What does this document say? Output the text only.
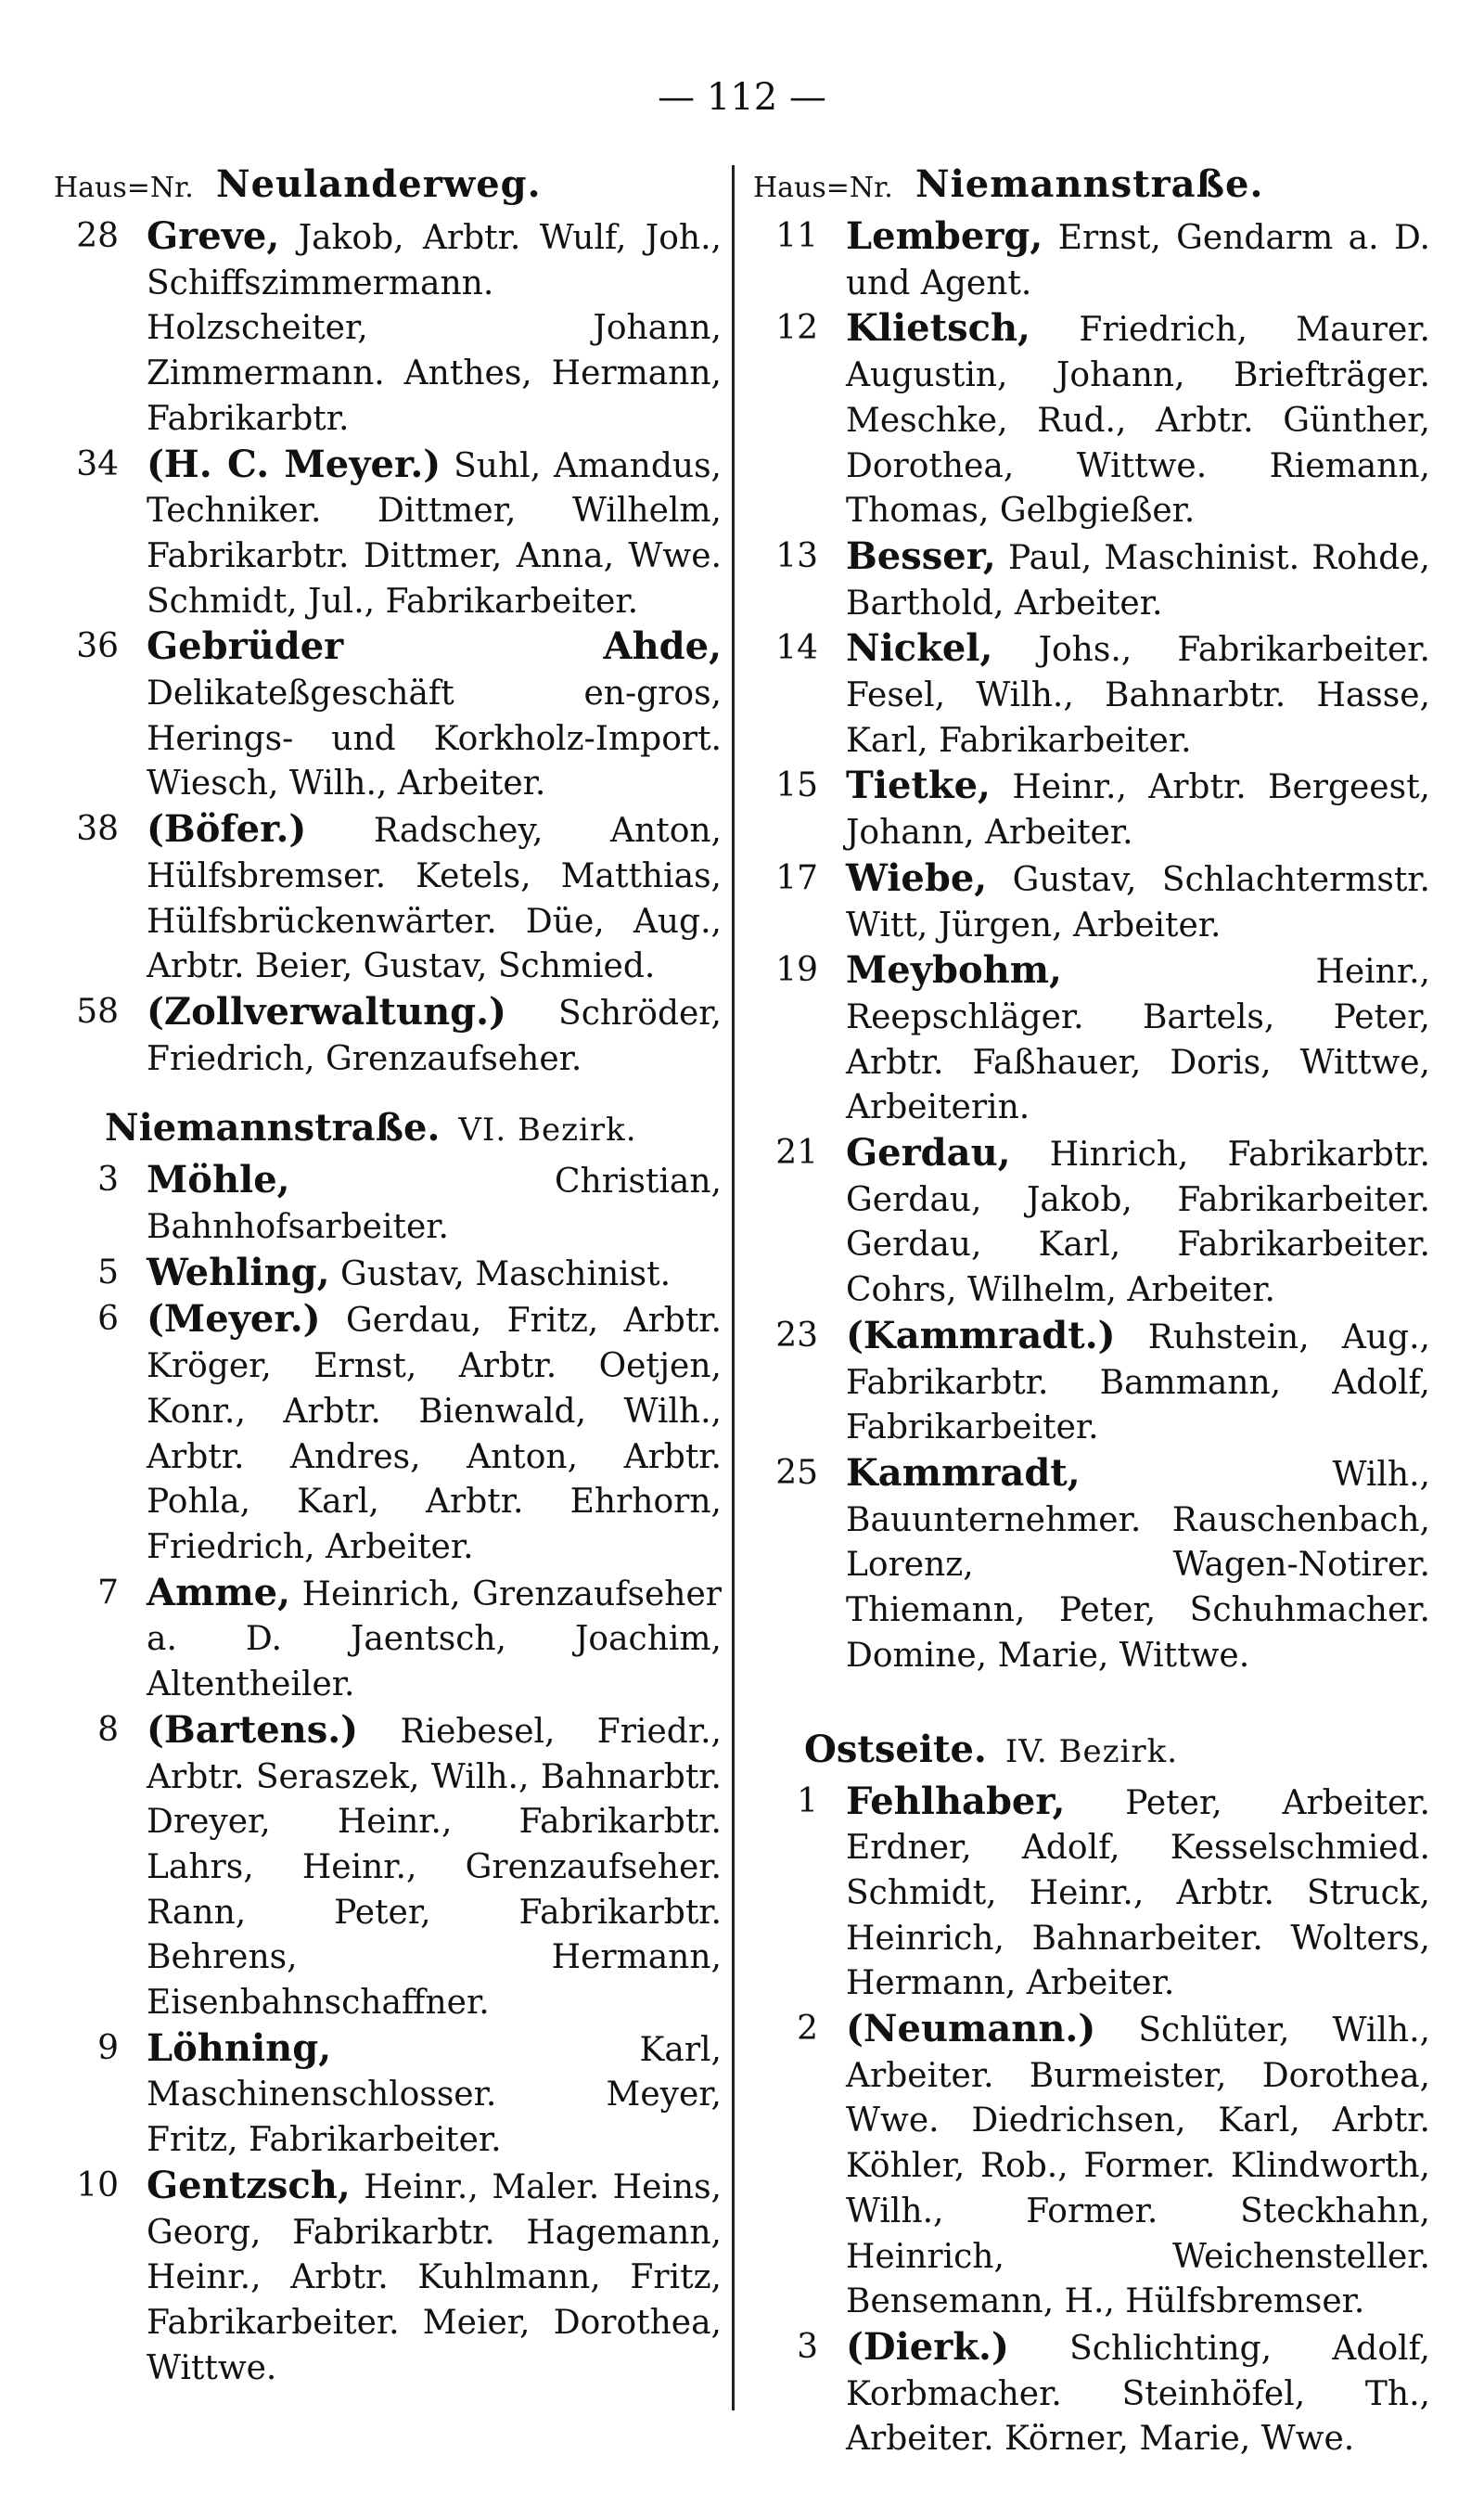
— 112 —
Haus=Nr. Neulanderweg.
28 Greve, Jakob, Arbtr. Wulf, Joh., Schiffszimmermann. Holzscheiter, Johann, Zimmermann. Anthes, Hermann, Fabrikarbtr.
34 (H. C. Meyer.) Suhl, Amandus, Techniker. Dittmer, Wilhelm, Fabrikarbtr. Dittmer, Anna, Wwe. Schmidt, Jul., Fabrikarbeiter.
36 Gebrüder Ahde, Delikateßgeschäft en-gros, Herings- und Korkholz-Import. Wiesch, Wilh., Arbeiter.
38 (Böfer.) Radschey, Anton, Hülfsbremser. Ketels, Matthias, Hülfsbrückenwärter. Düe, Aug., Arbtr. Beier, Gustav, Schmied.
58 (Zollverwaltung.) Schröder, Friedrich, Grenzaufseher.
Niemannstraße. VI. Bezirk.
3 Möhle,	Christian, Bahnhofsarbeiter.
5 Wehling, Gustav, Maschinist.
6 (Meyer.) Gerdau, Fritz, Arbtr. Kröger, Ernst, Arbtr. Oetjen, Konr., Arbtr. Bienwald, Wilh., Arbtr. Andres, Anton, Arbtr. Pohla, Karl, Arbtr. Ehrhorn, Friedrich, Arbeiter.
7 Amme, Heinrich, Grenzaufseher a. D. Jaentsch, Joachim, Altentheiler.
8 (Bartens.) Riebesel, Friedr., Arbtr. Seraszek, Wilh., Bahnarbtr. Dreyer, Heinr., Fabrikarbtr. Lahrs, Heinr., Grenzaufseher. Rann, Peter, Fabrikarbtr. Behrens, Hermann, Eisenbahnschaffner.
9 Löhning,	Karl, Maschinenschlosser. Meyer, Fritz, Fabrikarbeiter.
10 Gentzsch, Heinr., Maler. Heins, Georg, Fabrikarbtr. Hagemann, Heinr., Arbtr. Kuhlmann, Fritz, Fabrikarbeiter. Meier, Dorothea, Wittwe.
Haus=Nr. Niemannstraße.
11 Lemberg, Ernst, Gendarm a. D. und Agent.
12 Klietsch, Friedrich, Maurer. Augustin, Johann, Briefträger. Meschke, Rud., Arbtr. Günther, Dorothea, Wittwe. Riemann, Thomas, Gelbgießer.
13 Besser, Paul, Maschinist. Rohde, Barthold, Arbeiter.
14 Nickel, Johs., Fabrikarbeiter. Fesel, Wilh., Bahnarbtr. Hasse, Karl, Fabrikarbeiter.
15 Tietke, Heinr., Arbtr. Bergeest, Johann, Arbeiter.
17 Wiebe, Gustav, Schlachtermstr. Witt, Jürgen, Arbeiter.
19 Meybohm,	Heinr., Reepschläger. Bartels, Peter, Arbtr. Faßhauer, Doris, Wittwe, Arbeiterin.
21 Gerdau, Hinrich, Fabrikarbtr. Gerdau, Jakob, Fabrikarbeiter. Gerdau, Karl, Fabrikarbeiter. Cohrs, Wilhelm, Arbeiter.
23 (Kammradt.) Ruhstein, Aug., Fabrikarbtr. Bammann, Adolf, Fabrikarbeiter.
25 Kammradt,	Wilh., Bauunternehmer. Rauschenbach, Lorenz, Wagen-Notirer. Thiemann, Peter, Schuhmacher. Domine, Marie, Wittwe.
Ostseite. IV. Bezirk.
1 Fehlhaber, Peter, Arbeiter. Erdner, Adolf, Kesselschmied. Schmidt, Heinr., Arbtr. Struck, Heinrich, Bahnarbeiter. Wolters, Hermann, Arbeiter.
2 (Neumann.) Schlüter, Wilh., Arbeiter. Burmeister, Dorothea, Wwe. Diedrichsen, Karl, Arbtr. Köhler, Rob., Former. Klindworth, Wilh., Former. Steckhahn, Heinrich, Weichensteller. Bensemann, H., Hülfsbremser.
3 (Dierk.) Schlichting, Adolf, Korbmacher. Steinhöfel, Th., Arbeiter. Körner, Marie, Wwe.
